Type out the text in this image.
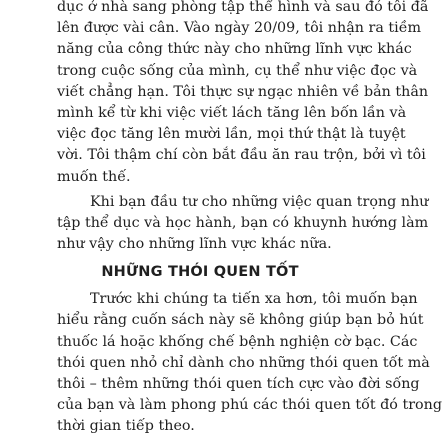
dục ở nhà sang phòng tập thể hình và sau đó tôi đã
lên được vài cân. Vào ngày 20/09, tôi nhận ra tiềm
năng của công thức này cho những lĩnh vực khác
trong cuộc sống của mình, cụ thể như việc đọc và
viết chẳng hạn. Tôi thực sự ngạc nhiên về bản thân
mình kể từ khi việc viết lách tăng lên bốn lần và
việc đọc tăng lên mười lần, mọi thứ thật là tuyệt
vời. Tôi thậm chí còn bắt đầu ăn rau trộn, bởi vì tôi
muốn thế.
Khi bạn đầu tư cho những việc quan trọng như
tập thể dục và học hành, bạn có khuynh hướng làm
như vậy cho những lĩnh vực khác nữa.
NHỮNG THÓI QUEN TỐT
Trước khi chúng ta tiến xa hơn, tôi muốn bạn
hiểu rằng cuốn sách này sẽ không giúp bạn bỏ hút
thuốc lá hoặc khống chế bệnh nghiện cờ bạc. Các
thói quen nhỏ chỉ dành cho những thói quen tốt mà
thôi – thêm những thói quen tích cực vào đời sống
của bạn và làm phong phú các thói quen tốt đó trong
thời gian tiếp theo.
